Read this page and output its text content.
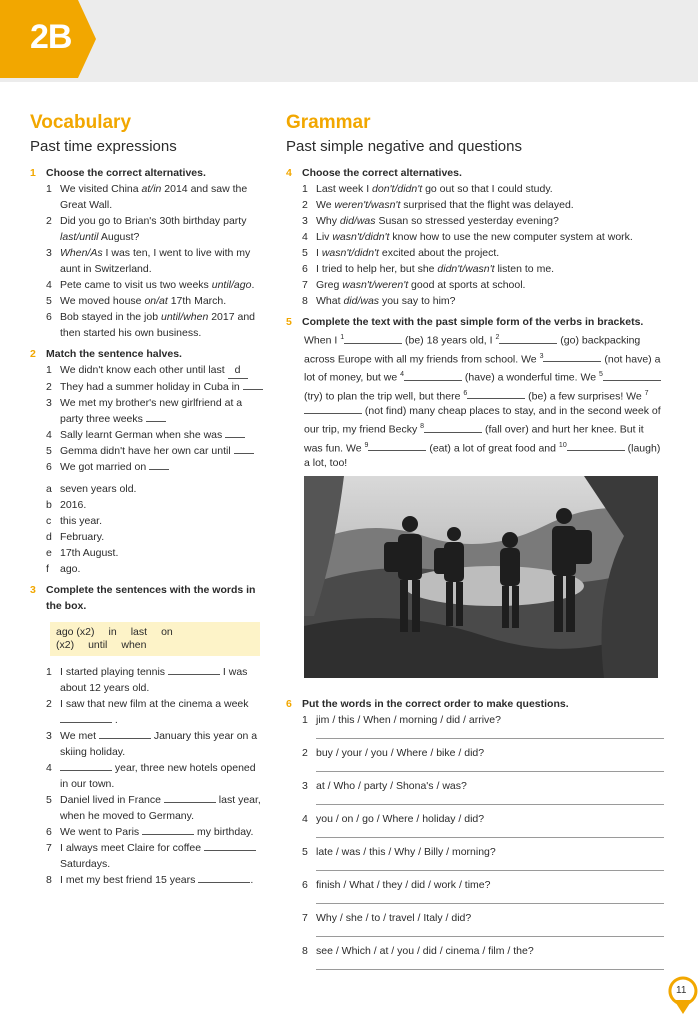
2B
Vocabulary
Past time expressions
1 Choose the correct alternatives.
1 We visited China at/in 2014 and saw the Great Wall.
2 Did you go to Brian's 30th birthday party last/until August?
3 When/As I was ten, I went to live with my aunt in Switzerland.
4 Pete came to visit us two weeks until/ago.
5 We moved house on/at 17th March.
6 Bob stayed in the job until/when 2017 and then started his own business.
2 Match the sentence halves.
1 We didn't know each other until last d
2 They had a summer holiday in Cuba in
3 We met my brother's new girlfriend at a party three weeks
4 Sally learnt German when she was
5 Gemma didn't have her own car until
6 We got married on
a seven years old.
b 2016.
c this year.
d February.
e 17th August.
f	ago.
3 Complete the sentences with the words in the box.
ago (x2) in last on (x2) until when
1 I started playing tennis	I was about 12 years old.
2 I saw that new film at the cinema a week  .
3 We met	January this year on a skiing holiday.
4	year, three new hotels opened in our town.
5 Daniel lived in France	last year, when he moved to Germany.
6 We went to Paris	my birthday.
7 I always meet Claire for coffee  Saturdays.
8 I met my best friend 15 years	.
Grammar
Past simple negative and questions
4 Choose the correct alternatives.
1 Last week I don't/didn't go out so that I could study.
2 We weren't/wasn't surprised that the flight was delayed.
3 Why did/was Susan so stressed yesterday evening?
4 Liv wasn't/didn't know how to use the new computer system at work.
5 I wasn't/didn't excited about the project.
6 I tried to help her, but she didn't/wasn't listen to me.
7 Greg wasn't/weren't good at sports at school.
8 What did/was you say to him?
5 Complete the text with the past simple form of the verbs in brackets.
When I $^1$	(be) 18 years old, I $^2$	(go) backpacking across Europe with all my friends from school. We $^3$	(not have) a lot of money, but we $^4$	(have) a wonderful time. We $^5$ (try) to plan the trip well, but there $^6$	(be) a few surprises! We $^7$ (not find) many cheap places to stay, and in the second week of our trip, my friend Becky $^8$	(fall over) and hurt her knee. But it was fun. We $^9$	(eat) a lot of great food and $^{10}$	(laugh) a lot, too!
6 Put the words in the correct order to make questions.
1 jim / this / When / morning / did / arrive?
2 buy / your / you / Where / bike / did?
3 at / Who / party / Shona's / was?
4 you / on / go / Where / holiday / did?
5 late / was / this / Why / Billy / morning?
6 finish / What / they / did / work / time?
7 Why / she / to / travel / Italy / did?
8 see / Which / at / you / did / cinema / film / the?
11
